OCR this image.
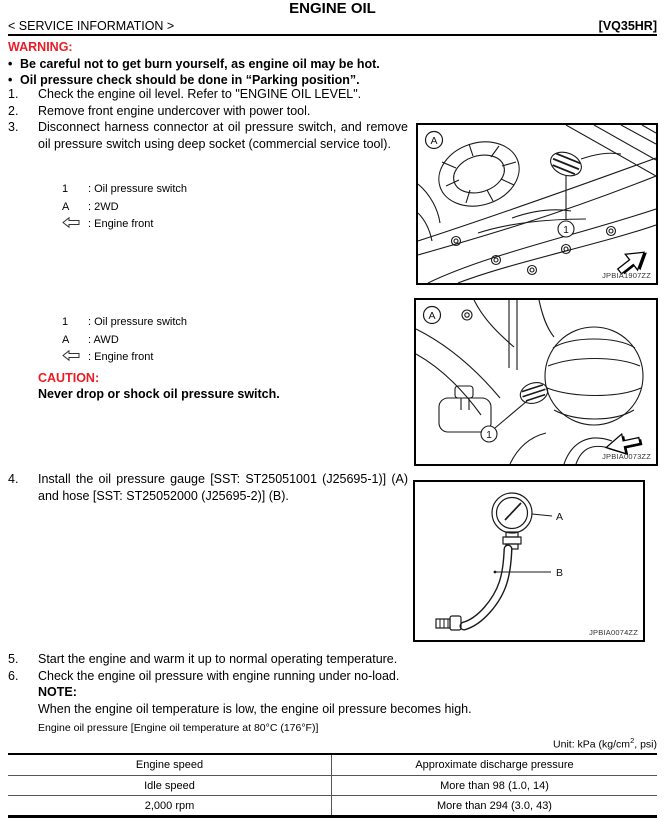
ENGINE OIL
< SERVICE INFORMATION >	[VQ35HR]
WARNING:
• Be careful not to get burn yourself, as engine oil may be hot.
• Oil pressure check should be done in “Parking position”.
1.	Check the engine oil level. Refer to "ENGINE OIL LEVEL".
2.	Remove front engine undercover with power tool.
3.	Disconnect harness connector at oil pressure switch, and remove oil pressure switch using deep socket (commercial service tool).
1	: Oil pressure switch
A	: 2WD
: Engine front
1	: Oil pressure switch
A	: AWD
: Engine front
CAUTION:
Never drop or shock oil pressure switch.
4.	Install the oil pressure gauge [SST: ST25051001 (J25695-1)] (A) and hose [SST: ST25052000 (J25695-2)] (B).
5.	Start the engine and warm it up to normal operating temperature.
6.	Check the engine oil pressure with engine running under no-load.
NOTE:
When the engine oil temperature is low, the engine oil pressure becomes high.
Engine oil pressure [Engine oil temperature at 80°C (176°F)]
Unit: kPa ($kg/cm^2$, psi)
Engine speed	Approximate discharge pressure
Idle speed	More than 98 (1.0, 14)
2,000 rpm	More than 294 (3.0, 43)
A
1
JPBIA1907ZZ
A
1
JPBIA0073ZZ
A
B
JPBIA0074ZZ
